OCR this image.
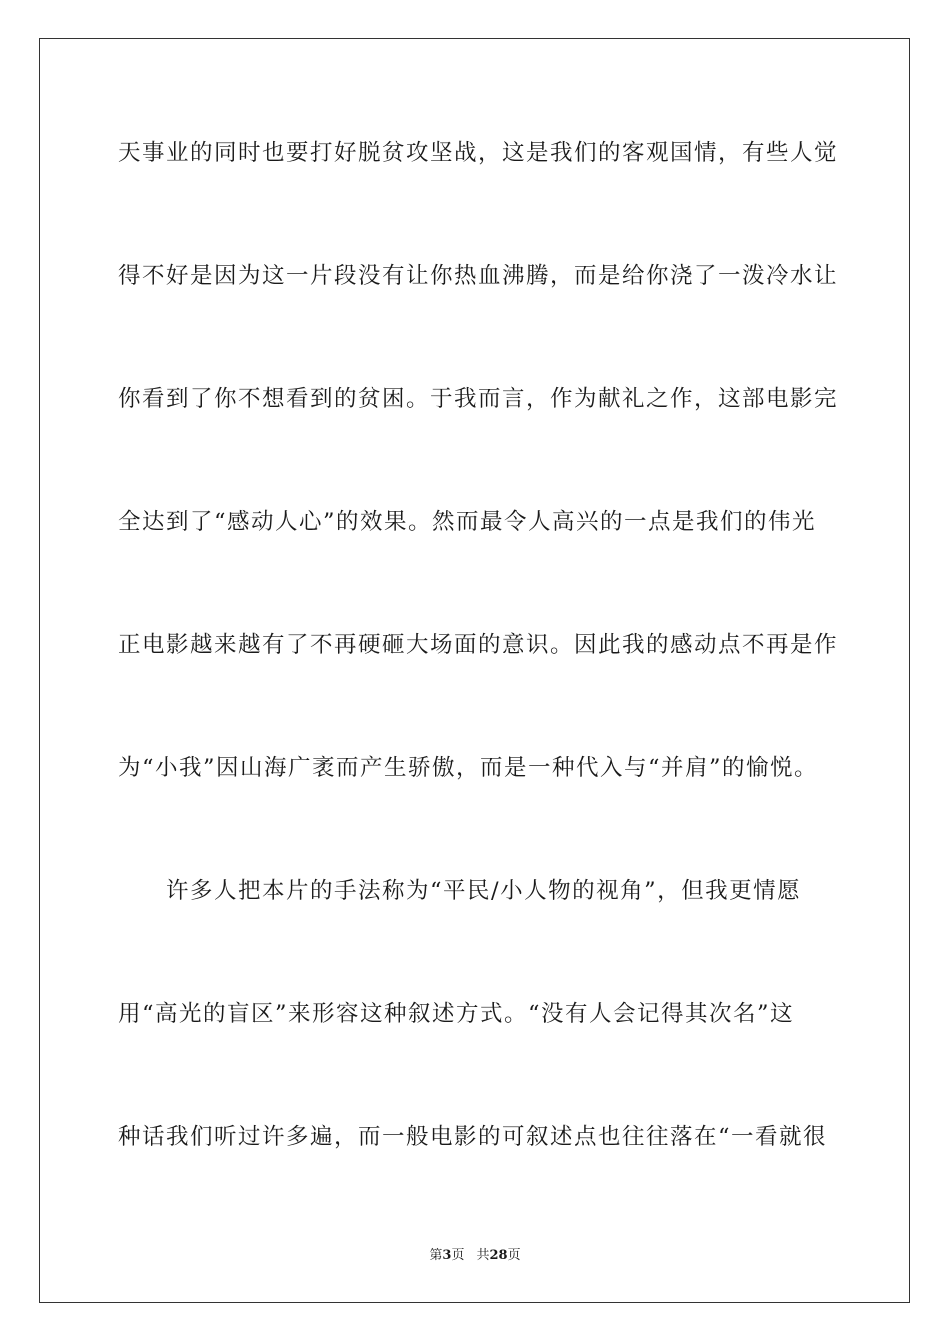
天事业的同时也要打好脱贫攻坚战，这是我们的客观国情，有些人觉
得不好是因为这一片段没有让你热血沸腾，而是给你浇了一泼冷水让
你看到了你不想看到的贫困。于我而言，作为献礼之作，这部电影完
全达到了“感动人心”的效果。然而最令人高兴的一点是我们的伟光
正电影越来越有了不再硬砸大场面的意识。因此我的感动点不再是作
为“小我”因山海广袤而产生骄傲，而是一种代入与“并肩”的愉悦。
许多人把本片的手法称为“平民/小人物的视角”，但我更情愿
用“高光的盲区”来形容这种叙述方式。“没有人会记得其次名”这
种话我们听过许多遍，而一般电影的可叙述点也往往落在“一看就很
第3页 共28页
